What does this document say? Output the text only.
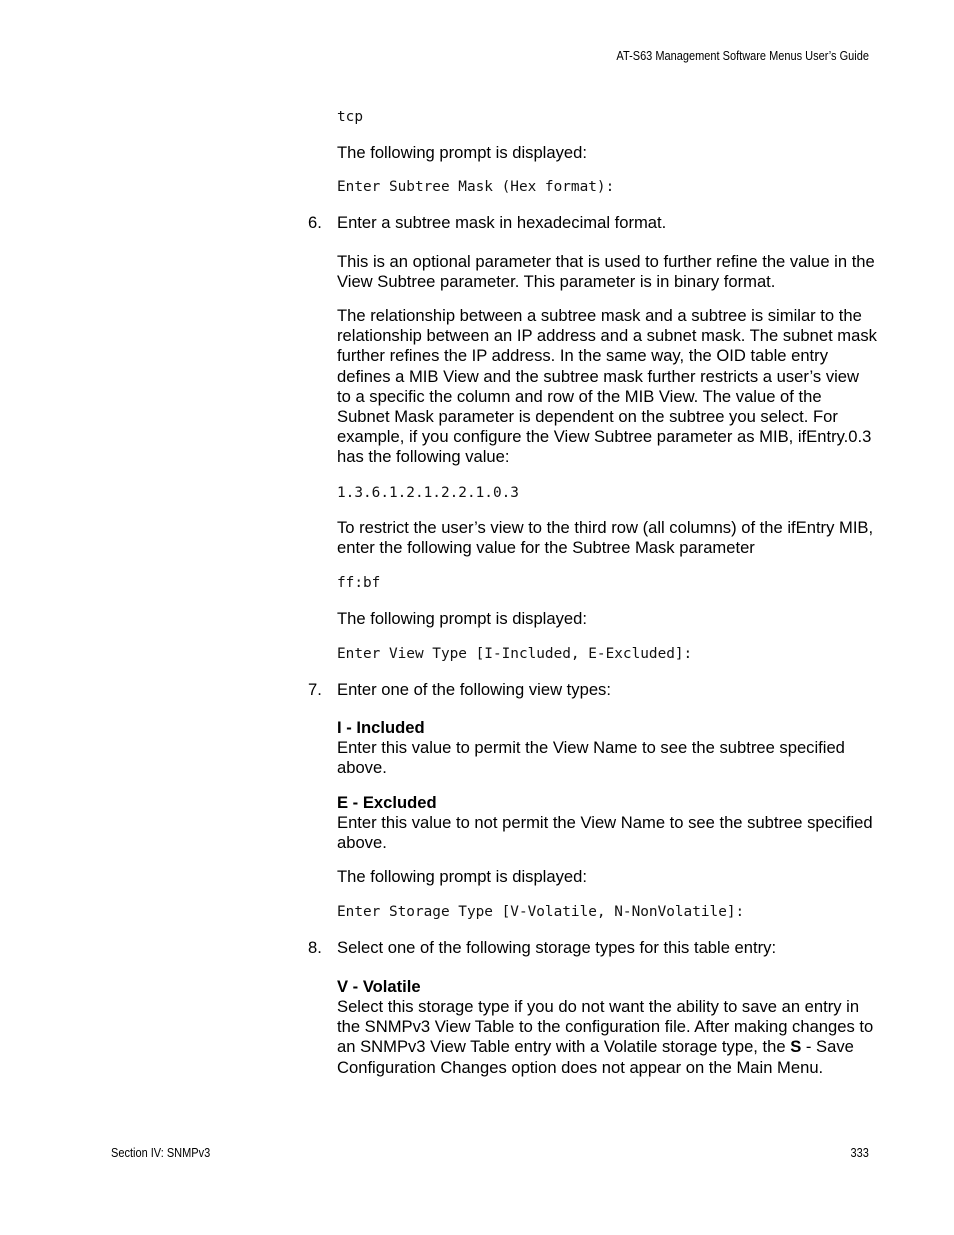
AT-S63 Management Software Menus User’s Guide
tcp
The following prompt is displayed:
Enter Subtree Mask (Hex format):
6. Enter a subtree mask in hexadecimal format.
This is an optional parameter that is used to further refine the value in the View Subtree parameter. This parameter is in binary format.
The relationship between a subtree mask and a subtree is similar to the relationship between an IP address and a subnet mask. The subnet mask further refines the IP address. In the same way, the OID table entry defines a MIB View and the subtree mask further restricts a user’s view to a specific the column and row of the MIB View. The value of the Subnet Mask parameter is dependent on the subtree you select. For example, if you configure the View Subtree parameter as MIB, ifEntry.0.3 has the following value:
1.3.6.1.2.1.2.2.1.0.3
To restrict the user’s view to the third row (all columns) of the ifEntry MIB, enter the following value for the Subtree Mask parameter
ff:bf
The following prompt is displayed:
Enter View Type [I-Included, E-Excluded]:
7. Enter one of the following view types:
I - Included
Enter this value to permit the View Name to see the subtree specified above.
E - Excluded
Enter this value to not permit the View Name to see the subtree specified above.
The following prompt is displayed:
Enter Storage Type [V-Volatile, N-NonVolatile]:
8. Select one of the following storage types for this table entry:
V - Volatile
Select this storage type if you do not want the ability to save an entry in the SNMPv3 View Table to the configuration file. After making changes to an SNMPv3 View Table entry with a Volatile storage type, the S - Save Configuration Changes option does not appear on the Main Menu.
Section IV: SNMPv3	333
